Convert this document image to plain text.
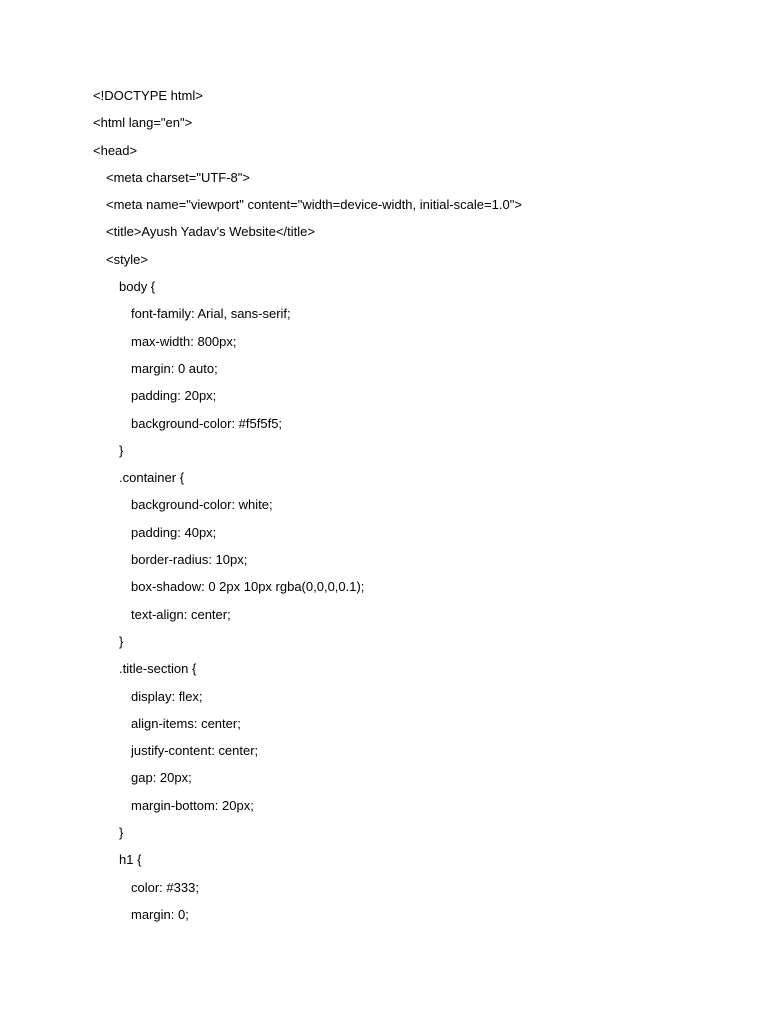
<!DOCTYPE html>
<html lang="en">
<head>
<meta charset="UTF-8">
<meta name="viewport" content="width=device-width, initial-scale=1.0">
<title>Ayush Yadav's Website</title>
<style>
body {
font-family: Arial, sans-serif;
max-width: 800px;
margin: 0 auto;
padding: 20px;
background-color: #f5f5f5;
}
.container {
background-color: white;
padding: 40px;
border-radius: 10px;
box-shadow: 0 2px 10px rgba(0,0,0,0.1);
text-align: center;
}
.title-section {
display: flex;
align-items: center;
justify-content: center;
gap: 20px;
margin-bottom: 20px;
}
h1 {
color: #333;
margin: 0;
